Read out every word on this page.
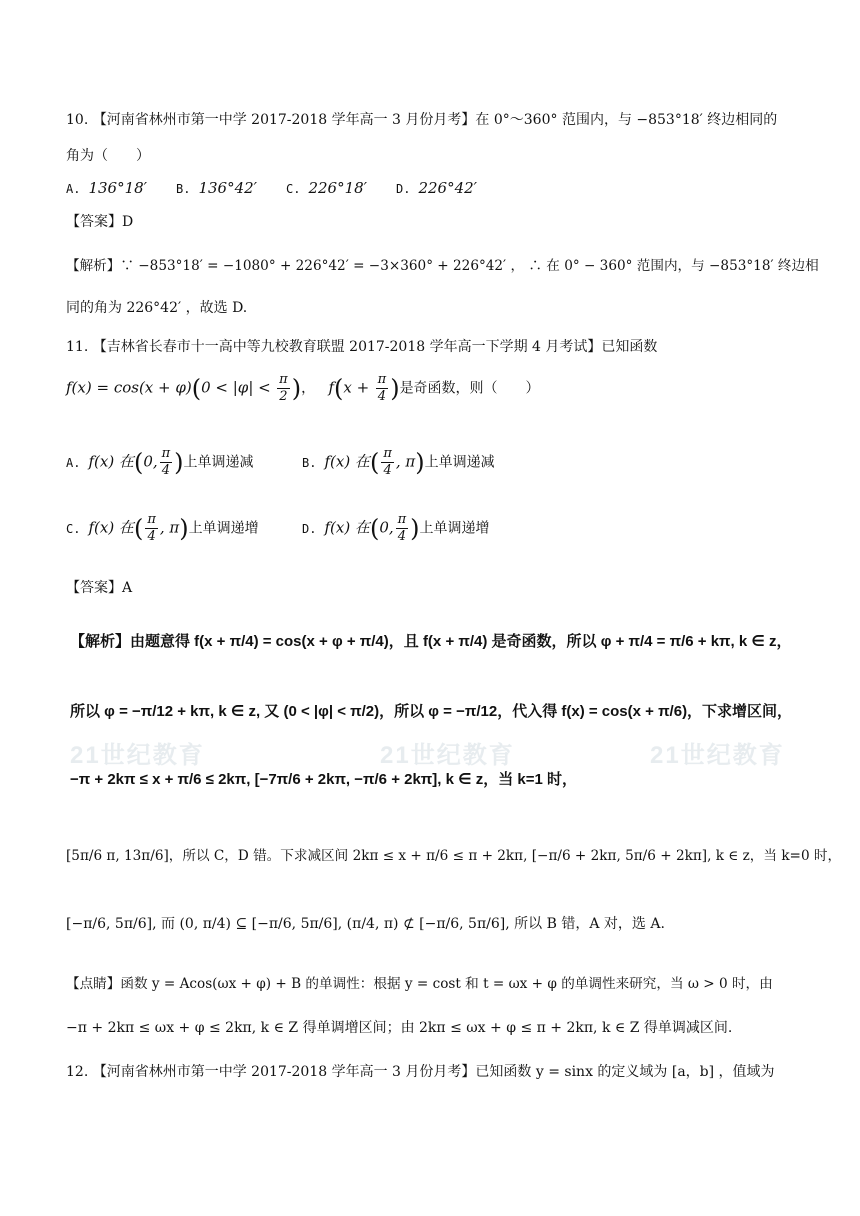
21世纪教育	21世纪教育	21世纪教育
10. 【河南省林州市第一中学 2017-2018 学年高一 3 月份月考】在 0°～360° 范围内，与 −853°18′ 终边相同的
角为（　　）
A. 136°18′ B. 136°42′ C. 226°18′ D. 226°42′
【答案】D
【解析】∵ −853°18′ = −1080° + 226°42′ = −3×360° + 226°42′ ， ∴ 在 0° − 360° 范围内，与 −853°18′ 终边相
同的角为 226°42′ ，故选 D.
11. 【吉林省长春市十一高中等九校教育联盟 2017-2018 学年高一下学期 4 月考试】已知函数
$f(x) = \cos(x + \varphi)(0 < |\varphi| < \frac{\pi}{2}$ )，   $f(x + \frac{\pi}{4}$ )是奇函数，则（　　）
A. f(x) 在(0, $\frac{\pi}{4}$ )上单调递减	B. f(x) 在( $\frac{\pi}{4}$ , π)上单调递减
C. f(x) 在( $\frac{\pi}{4}$ , π)上单调递增	D. f(x) 在(0, $\frac{\pi}{4}$ )上单调递增
【答案】A
【解析】由题意得 f(x + π/4) = cos(x + φ + π/4)，且 f(x + π/4) 是奇函数，所以 φ + π/4 = π/6 + kπ, k ∈ z，
所以 φ = −π/12 + kπ, k ∈ z, 又 (0 < |φ| < π/2)，所以 φ = −π/12，代入得 f(x) = cos(x + π/6)，下求增区间，
−π + 2kπ ≤ x + π/6 ≤ 2kπ, [−7π/6 + 2kπ, −π/6 + 2kπ], k ∈ z，当 k=1 时，
[5π/6 π, 13π/6]，所以 C，D 错。下求减区间 2kπ ≤ x + π/6 ≤ π + 2kπ, [−π/6 + 2kπ, 5π/6 + 2kπ], k ∈ z，当 k=0 时，
[−π/6, 5π/6], 而 (0, π/4) ⊆ [−π/6, 5π/6], (π/4, π) ⊄ [−π/6, 5π/6], 所以 B 错，A 对，选 A.
【点睛】函数 y = Acos(ωx + φ) + B 的单调性：根据 y = cost 和 t = ωx + φ 的单调性来研究，当 ω > 0 时，由
−π + 2kπ ≤ ωx + φ ≤ 2kπ, k ∈ Z 得单调增区间；由 2kπ ≤ ωx + φ ≤ π + 2kπ, k ∈ Z 得单调减区间.
12. 【河南省林州市第一中学 2017-2018 学年高一 3 月份月考】已知函数 y = sinx 的定义域为 [a，b] ，值域为
